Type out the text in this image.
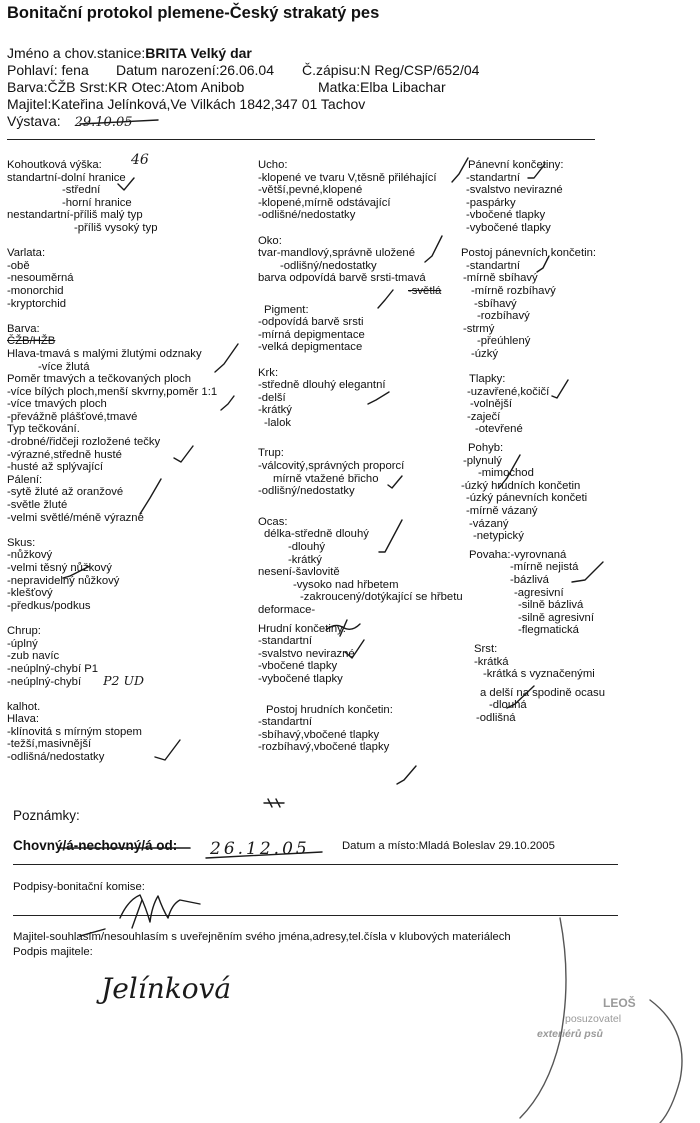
Bonitační protokol plemene-Český strakatý pes
Jméno a chov.stanice:BRITA Velký dar
Pohlaví: fena Datum narození:26.06.04 Č.zápisu:N Reg/CSP/652/04
Barva:ČŽB Srst:KR Otec:Atom Anibob	Matka:Elba Libachar
Majitel:Kateřina Jelínková,Ve Vilkách 1842,347 01 Tachov
Výstava: 29.10.05
Kohoutková výška:
standartní-dolní hranice
-střední
-horní hranice
nestandartní-příliš malý typ
-příliš vysoký typ
Varlata:
-obě
-nesouměrná
-monorchid
-kryptorchid
Barva:
ČŽB/HŽB
Hlava-tmavá s malými žlutými odznaky
-více žlutá
Poměr tmavých a tečkovaných ploch
-více bílých ploch,menší skvrny,poměr 1:1
-více tmavých ploch
-převážně plášťové,tmavé
Typ tečkování.
-drobné/řidčeji rozložené tečky
-výrazné,středně husté
-husté až splývající
Pálení:
-sytě žluté až oranžové
-světle žluté
-velmi světlé/méně výrazné
Skus:
-nůžkový
-velmi těsný nůžkový
-nepravidelný nůžkový
-klešťový
-předkus/podkus
Chrup:
-úplný
-zub navíc
-neúplný-chybí P1
-neúplný-chybí P2 UD
kalhot.
Hlava:
-klínovitá s mírným stopem
-težší,masivnější
-odlišná/nedostatky
46	Ucho:
-klopené ve tvaru V,těsně přiléhající
-větší,pevné,klopené
-klopené,mírně odstávající
-odlišné/nedostatky
Oko:
tvar-mandlový,správně uložené
-odlišný/nedostatky
barva odpovídá barvě srsti-tmavá
-světlá
Pigment:
-odpovídá barvě srsti
-mírná depigmentace
-velká depigmentace
Krk:
-středně dlouhý elegantní
-delší
-krátký
-lalok
Trup:
-válcovitý,správných proporcí
mírně vtažené břicho
-odlišný/nedostatky
Ocas:
délka-středně dlouhý
-dlouhý
-krátký
nesení-šavlovitě
-vysoko nad hřbetem
-zakroucený/dotýkající se hřbetu
deformace-
Hrudní končetiny:
-standartní
-svalstvo nevirazné
-vbočené tlapky
-vybočené tlapky
Postoj hrudních končetin:
-standartní
-sbíhavý,vbočené tlapky
-rozbíhavý,vbočené tlapky
Pánevní končetiny:
-standartní
-svalstvo nevirazné
-paspárky
-vbočené tlapky
-vybočené tlapky
Postoj pánevních končetin:
-standartní
-mírně sbíhavý
-mírně rozbíhavý
-sbíhavý
-rozbíhavý
-strmý
-přeúhlený
-úzký
Tlapky:
-uzavřené,kočičí
-volnější
-zaječí
-otevřené
Pohyb:
-plynulý
-mimochod
-úzký hrudních končetin
-úzký pánevních končeti
-mírně vázaný
-vázaný
-netypický
Povaha:-vyrovnaná
-mírně nejistá
-bázlivá
-agresivní
-silně bázlivá
-silně agresivní
-flegmatická
Srst:
-krátká
-krátká s vyznačenými
a delší na spodině ocasu
-dlouhá
-odlišná
Poznámky:
Chovný/á-nechovný/á od: 26.12.05	Datum a místo:Mladá Boleslav 29.10.2005
Podpisy-bonitační komise:
Majitel-souhlasím/nesouhlasím s uveřejněním svého jména,adresy,tel.čísla v klubových materiálech
Podpis majitele:
Jelínková	LEOŠ
posuzovatel
exteriérů psů
